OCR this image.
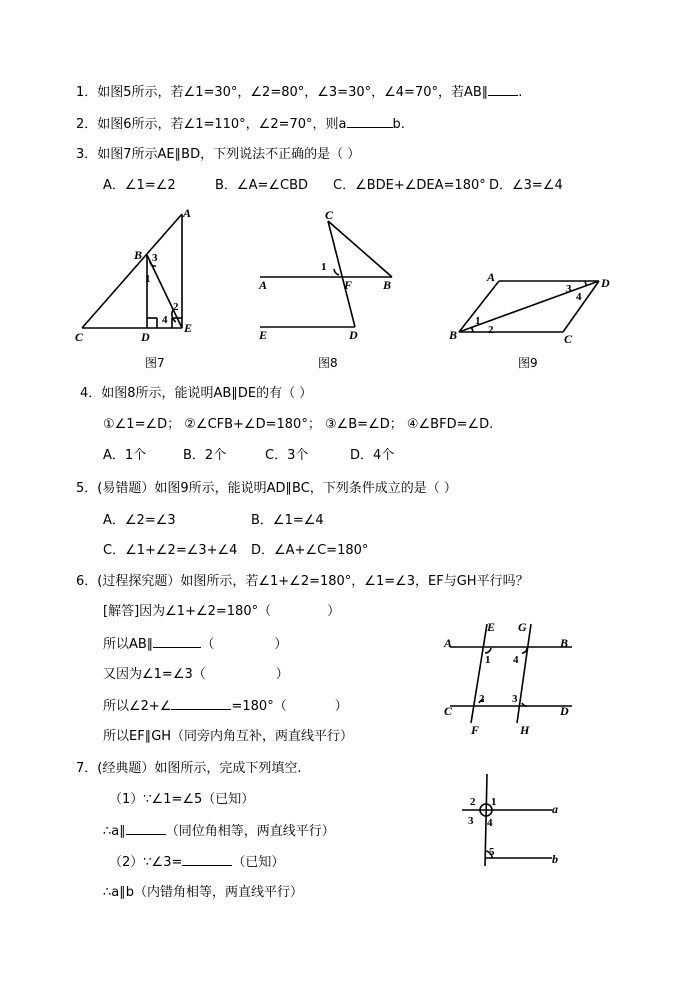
1．如图5所示，若∠1=30°，∠2=80°，∠3=30°，∠4=70°，若AB∥ .
2．如图6所示，若∠1=110°，∠2=70°，则a	b.
3．如图7所示AE∥BD，下列说法不正确的是（ ）
A．∠1=∠2	B．∠A=∠CBD C．∠BDE+∠DEA=180° D．∠3=∠4
A
B
C	D
E
1
2
3
4
图7
C
A	F	B
E	D
1
图8
A	D
B	C
1
2
3
4
图9
4．如图8所示，能说明AB∥DE的有（ ）
①∠1=∠D； ②∠CFB+∠D=180°； ③∠B=∠D； ④∠BFD=∠D.
A．1个	B．2个	C．3个	D．4个
5．(易错题）如图9所示，能说明AD∥BC，下列条件成立的是（ ）
A．∠2=∠3	B．∠1=∠4
C．∠1+∠2=∠3+∠4 D．∠A+∠C=180°
6．(过程探究题）如图所示，若∠1+∠2=180°，∠1=∠3，EF与GH平行吗？
[解答]因为∠1+∠2=180°（	）
所以AB∥	（	）
又因为∠1=∠3（	）
所以∠2+∠	=180°（	）
所以EF∥GH（同旁内角互补，两直线平行）
A
E G
B
C
F	H
D
1
2	3
4
7．(经典题）如图所示，完成下列填空.
（1）∵∠1=∠5（已知）
∴a∥	（同位角相等，两直线平行）
（2）∵∠3=	（已知）
∴a∥b（内错角相等，两直线平行）
a
b
1
2
3 4
5
